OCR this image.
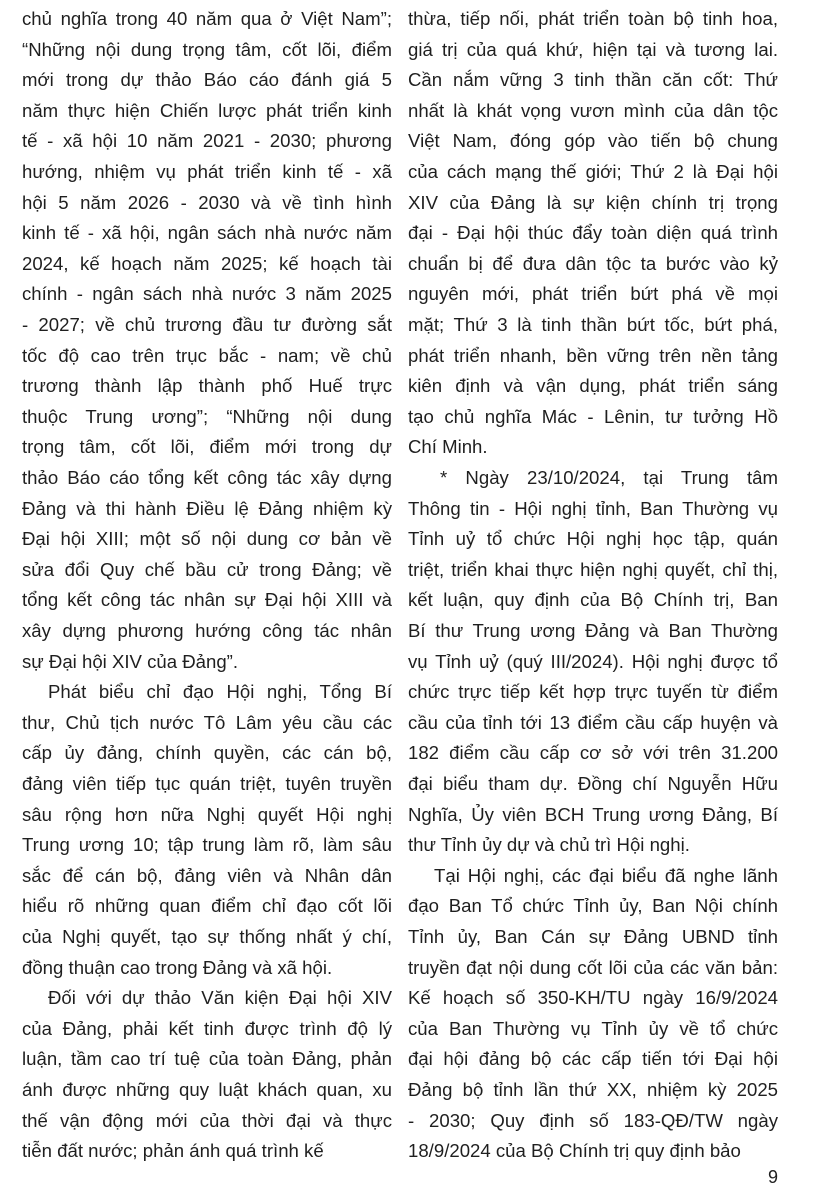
chủ nghĩa trong 40 năm qua ở Việt Nam”;
“Những nội dung trọng tâm, cốt lõi, điểm
mới trong dự thảo Báo cáo đánh giá 5
năm thực hiện Chiến lược phát triển kinh
tế - xã hội 10 năm 2021 - 2030; phương
hướng, nhiệm vụ phát triển kinh tế - xã
hội 5 năm 2026 - 2030 và về tình hình
kinh tế - xã hội, ngân sách nhà nước năm
2024, kế hoạch năm 2025; kế hoạch tài
chính - ngân sách nhà nước 3 năm 2025
- 2027; về chủ trương đầu tư đường sắt
tốc độ cao trên trục bắc - nam; về chủ
trương thành lập thành phố Huế trực
thuộc Trung ương”; “Những nội dung
trọng tâm, cốt lõi, điểm mới trong dự
thảo Báo cáo tổng kết công tác xây dựng
Đảng và thi hành Điều lệ Đảng nhiệm kỳ
Đại hội XIII; một số nội dung cơ bản về
sửa đổi Quy chế bầu cử trong Đảng; về
tổng kết công tác nhân sự Đại hội XIII và
xây dựng phương hướng công tác nhân
sự Đại hội XIV của Đảng”.
Phát biểu chỉ đạo Hội nghị, Tổng Bí
thư, Chủ tịch nước Tô Lâm yêu cầu các
cấp ủy đảng, chính quyền, các cán bộ,
đảng viên tiếp tục quán triệt, tuyên truyền
sâu rộng hơn nữa Nghị quyết Hội nghị
Trung ương 10; tập trung làm rõ, làm sâu
sắc để cán bộ, đảng viên và Nhân dân
hiểu rõ những quan điểm chỉ đạo cốt lõi
của Nghị quyết, tạo sự thống nhất ý chí,
đồng thuận cao trong Đảng và xã hội.
Đối với dự thảo Văn kiện Đại hội XIV
của Đảng, phải kết tinh được trình độ lý
luận, tầm cao trí tuệ của toàn Đảng, phản
ánh được những quy luật khách quan, xu
thế vận động mới của thời đại và thực
tiễn đất nước; phản ánh quá trình kế
thừa, tiếp nối, phát triển toàn bộ tinh hoa,
giá trị của quá khứ, hiện tại và tương lai.
Cần nắm vững 3 tinh thần căn cốt: Thứ
nhất là khát vọng vươn mình của dân tộc
Việt Nam, đóng góp vào tiến bộ chung
của cách mạng thế giới; Thứ 2 là Đại hội
XIV của Đảng là sự kiện chính trị trọng
đại - Đại hội thúc đẩy toàn diện quá trình
chuẩn bị để đưa dân tộc ta bước vào kỷ
nguyên mới, phát triển bứt phá về mọi
mặt; Thứ 3 là tinh thần bứt tốc, bứt phá,
phát triển nhanh, bền vững trên nền tảng
kiên định và vận dụng, phát triển sáng
tạo chủ nghĩa Mác - Lênin, tư tưởng Hồ
Chí Minh.
* Ngày 23/10/2024, tại Trung tâm
Thông tin - Hội nghị tỉnh, Ban Thường vụ
Tỉnh uỷ tổ chức Hội nghị học tập, quán
triệt, triển khai thực hiện nghị quyết, chỉ thị,
kết luận, quy định của Bộ Chính trị, Ban
Bí thư Trung ương Đảng và Ban Thường
vụ Tỉnh uỷ (quý III/2024). Hội nghị được tổ
chức trực tiếp kết hợp trực tuyến từ điểm
cầu của tỉnh tới 13 điểm cầu cấp huyện và
182 điểm cầu cấp cơ sở với trên 31.200
đại biểu tham dự. Đồng chí Nguyễn Hữu
Nghĩa, Ủy viên BCH Trung ương Đảng, Bí
thư Tỉnh ủy dự và chủ trì Hội nghị.
Tại Hội nghị, các đại biểu đã nghe lãnh
đạo Ban Tổ chức Tỉnh ủy, Ban Nội chính
Tỉnh ủy, Ban Cán sự Đảng UBND tỉnh
truyền đạt nội dung cốt lõi của các văn bản:
Kế hoạch số 350-KH/TU ngày 16/9/2024
của Ban Thường vụ Tỉnh ủy về tổ chức
đại hội đảng bộ các cấp tiến tới Đại hội
Đảng bộ tỉnh lần thứ XX, nhiệm kỳ 2025
- 2030; Quy định số 183-QĐ/TW ngày
18/9/2024 của Bộ Chính trị quy định bảo
9
